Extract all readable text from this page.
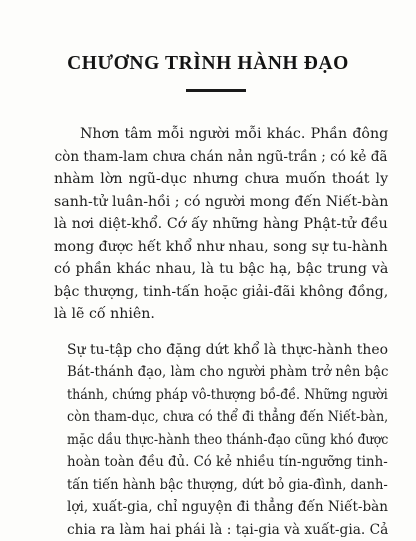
CHƯƠNG TRÌNH HÀNH ĐẠO

Nhơn tâm mỗi người mỗi khác. Phần đông
còn tham-lam chưa chán nản ngũ-trần ; có kẻ đã
nhàm lờn ngũ-dục nhưng chưa muốn thoát ly
sanh-tử luân-hồi ; có người mong đến Niết-bàn
là nơi diệt-khổ. Cớ ấy những hàng Phật-tử đều
mong được hết khổ như nhau, song sự tu-hành
có phần khác nhau, là tu bậc hạ, bậc trung và
bậc thượng, tinh-tấn hoặc giải-đãi không đồng,
là lẽ cố nhiên.

Sự tu-tập cho đặng dứt khổ là thực-hành theo
Bát-thánh đạo, làm cho người phàm trở nên bậc
thánh, chứng pháp vô-thượng bồ-đề. Những người
còn tham-dục, chưa có thể đi thẳng đến Niết-bàn,
mặc dầu thực-hành theo thánh-đạo cũng khó được
hoàn toàn đều đủ. Có kẻ nhiều tín-ngưỡng tinh-
tấn tiến hành bậc thượng, dứt bỏ gia-đình, danh-
lợi, xuất-gia, chỉ nguyện đi thẳng đến Niết-bàn
chia ra làm hai phái là : tại-gia và xuất-gia. Cả
